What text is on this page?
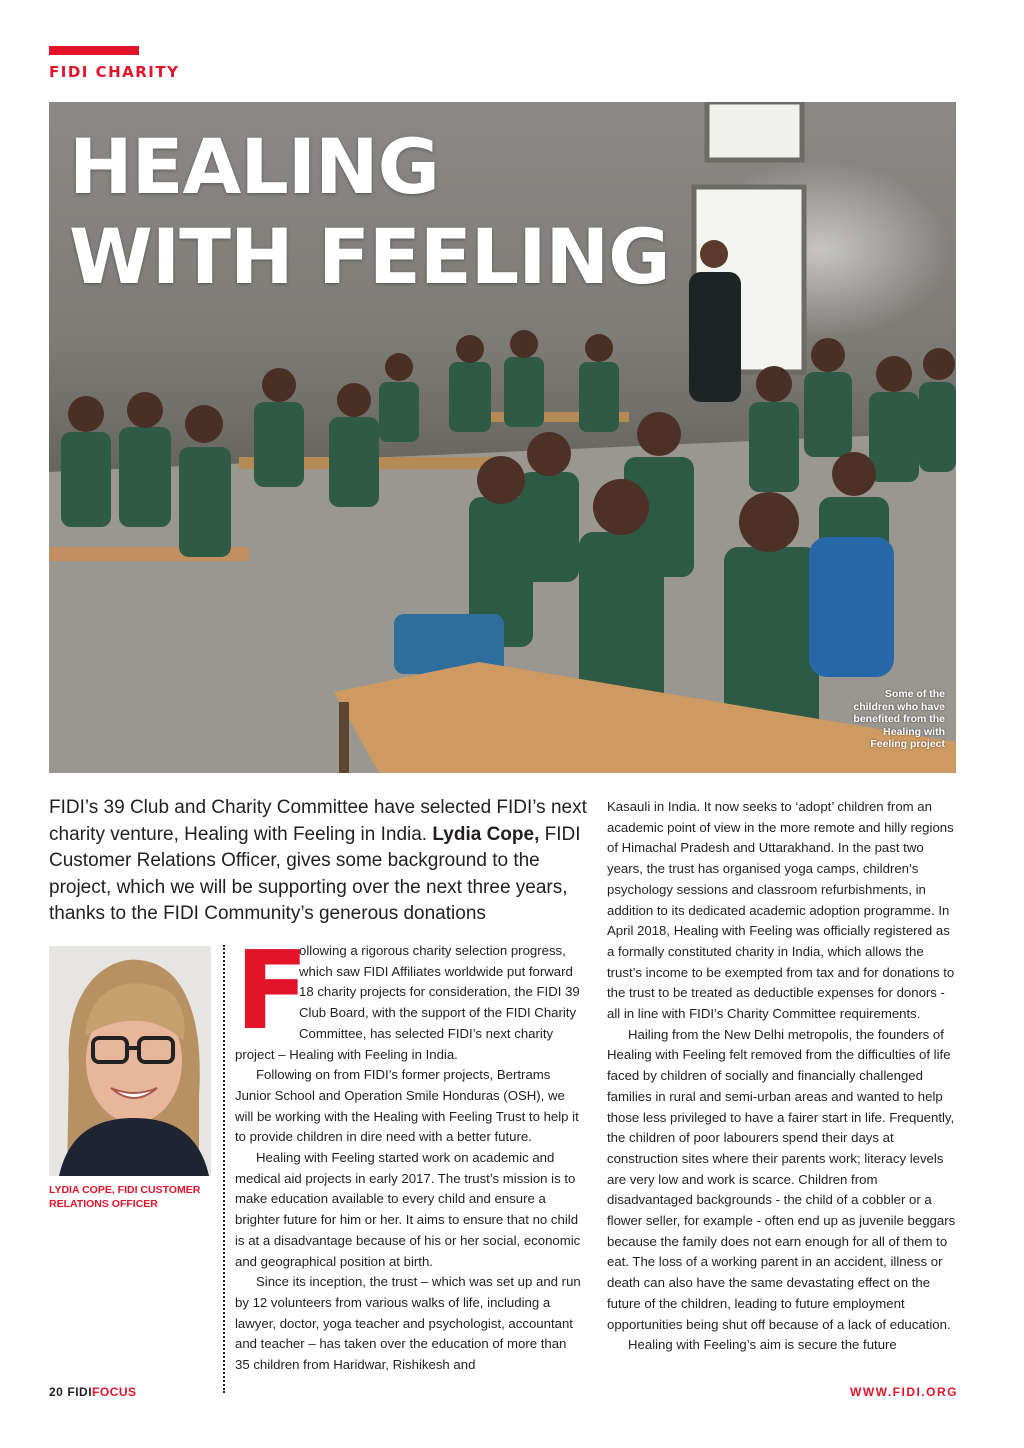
FIDI CHARITY
HEALING
WITH FEELING
Some of the children who have benefited from the Healing with Feeling project

FIDI’s 39 Club and Charity Committee have selected FIDI’s next charity venture, Healing with Feeling in India. Lydia Cope, FIDI Customer Relations Officer, gives some background to the project, which we will be supporting over the next three years, thanks to the FIDI Community’s generous donations

LYDIA COPE, FIDI CUSTOMER RELATIONS OFFICER
F

ollowing a rigorous charity selection progress, which saw FIDI Affiliates worldwide put forward 18 charity projects for consideration, the FIDI 39 Club Board, with the support of the FIDI Charity Committee, has selected FIDI’s next charity project – Healing with Feeling in India.

Following on from FIDI’s former projects, Bertrams Junior School and Operation Smile Honduras (OSH), we will be working with the Healing with Feeling Trust to help it to provide children in dire need with a better future.

Healing with Feeling started work on academic and medical aid projects in early 2017. The trust’s mission is to make education available to every child and ensure a brighter future for him or her. It aims to ensure that no child is at a disadvantage because of his or her social, economic and geographical position at birth.

Since its inception, the trust – which was set up and run by 12 volunteers from various walks of life, including a lawyer, doctor, yoga teacher and psychologist, accountant and teacher – has taken over the education of more than 35 children from Haridwar, Rishikesh and

Kasauli in India. It now seeks to ‘adopt’ children from an academic point of view in the more remote and hilly regions of Himachal Pradesh and Uttarakhand. In the past two years, the trust has organised yoga camps, children’s psychology sessions and classroom refurbishments, in addition to its dedicated academic adoption programme. In April 2018, Healing with Feeling was officially registered as a formally constituted charity in India, which allows the trust’s income to be exempted from tax and for donations to the trust to be treated as deductible expenses for donors - all in line with FIDI’s Charity Committee requirements.

Hailing from the New Delhi metropolis, the founders of Healing with Feeling felt removed from the difficulties of life faced by children of socially and financially challenged families in rural and semi-urban areas and wanted to help those less privileged to have a fairer start in life. Frequently, the children of poor labourers spend their days at construction sites where their parents work; literacy levels are very low and work is scarce. Children from disadvantaged backgrounds - the child of a cobbler or a flower seller, for example - often end up as juvenile beggars because the family does not earn enough for all of them to eat. The loss of a working parent in an accident, illness or death can also have the same devastating effect on the future of the children, leading to future employment opportunities being shut off because of a lack of education.

Healing with Feeling’s aim is secure the future

20 FIDIFOCUS	WWW.FIDI.ORG
